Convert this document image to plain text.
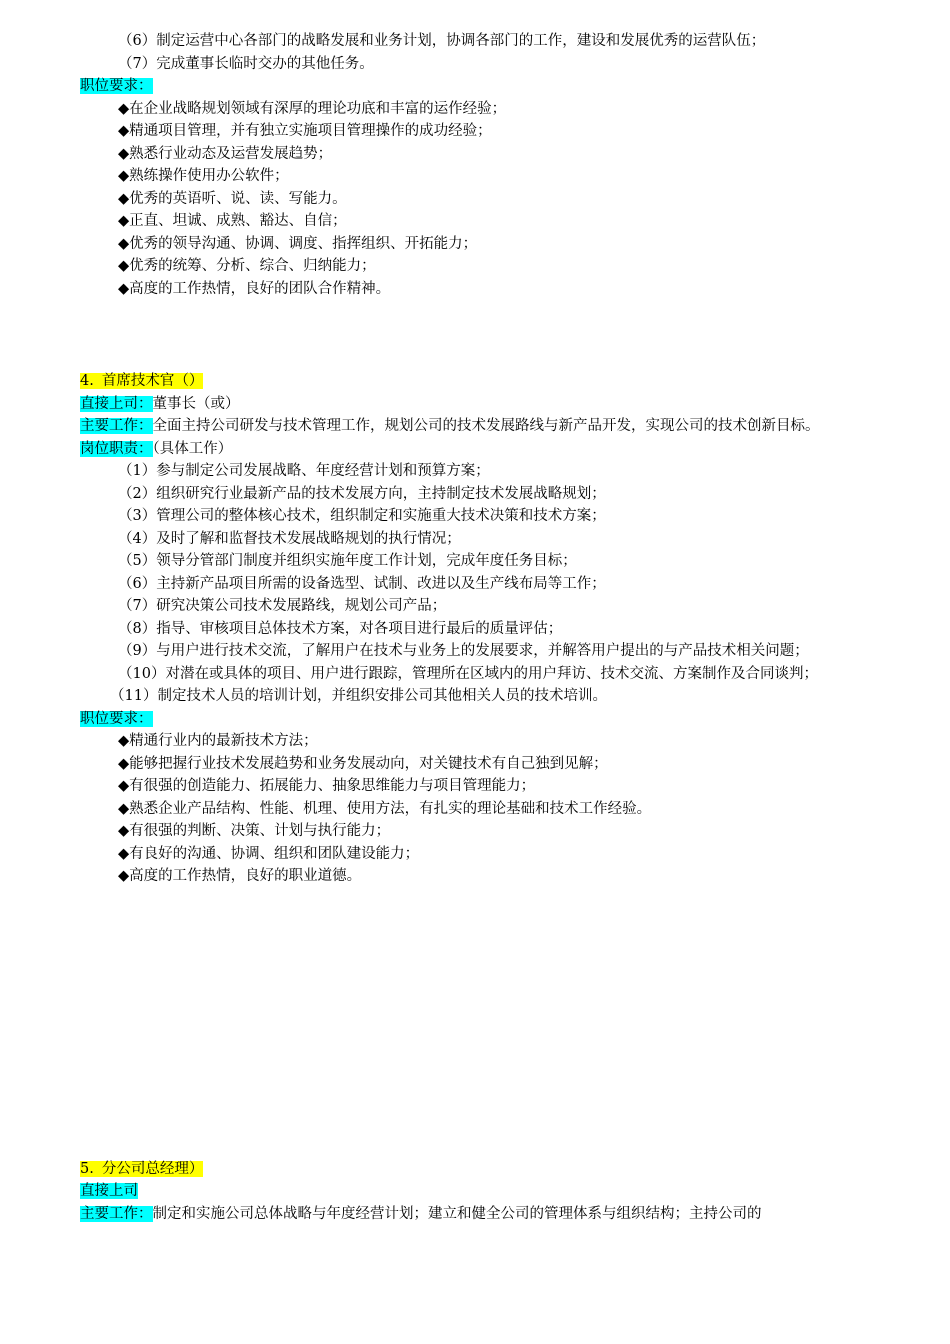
（6）制定运营中心各部门的战略发展和业务计划，协调各部门的工作，建设和发展优秀的运营队伍；
（7）完成董事长临时交办的其他任务。
职位要求：
◆在企业战略规划领域有深厚的理论功底和丰富的运作经验；
◆精通项目管理，并有独立实施项目管理操作的成功经验；
◆熟悉行业动态及运营发展趋势；
◆熟练操作使用办公软件；
◆优秀的英语听、说、读、写能力。
◆正直、坦诚、成熟、豁达、自信；
◆优秀的领导沟通、协调、调度、指挥组织、开拓能力；
◆优秀的统筹、分析、综合、归纳能力；
◆高度的工作热情，良好的团队合作精神。
4. 首席技术官（）
直接上司：董事长（或）
主要工作：全面主持公司研发与技术管理工作，规划公司的技术发展路线与新产品开发，实现公司的技术创新目标。
岗位职责：（具体工作）
（1）参与制定公司发展战略、年度经营计划和预算方案；
（2）组织研究行业最新产品的技术发展方向，主持制定技术发展战略规划；
（3）管理公司的整体核心技术，组织制定和实施重大技术决策和技术方案；
（4）及时了解和监督技术发展战略规划的执行情况；
（5）领导分管部门制度并组织实施年度工作计划，完成年度任务目标；
（6）主持新产品项目所需的设备选型、试制、改进以及生产线布局等工作；
（7）研究决策公司技术发展路线，规划公司产品；
（8）指导、审核项目总体技术方案，对各项目进行最后的质量评估；
（9）与用户进行技术交流，了解用户在技术与业务上的发展要求，并解答用户提出的与产品技术相关问题；
（10）对潜在或具体的项目、用户进行跟踪，管理所在区域内的用户拜访、技术交流、方案制作及合同谈判；
（11）制定技术人员的培训计划，并组织安排公司其他相关人员的技术培训。
职位要求：
◆精通行业内的最新技术方法；
◆能够把握行业技术发展趋势和业务发展动向，对关键技术有自己独到见解；
◆有很强的创造能力、拓展能力、抽象思维能力与项目管理能力；
◆熟悉企业产品结构、性能、机理、使用方法，有扎实的理论基础和技术工作经验。
◆有很强的判断、决策、计划与执行能力；
◆有良好的沟通、协调、组织和团队建设能力；
◆高度的工作热情，良好的职业道德。
5. 分公司总经理）
直接上司
主要工作：制定和实施公司总体战略与年度经营计划；建立和健全公司的管理体系与组织结构；主持公司的
